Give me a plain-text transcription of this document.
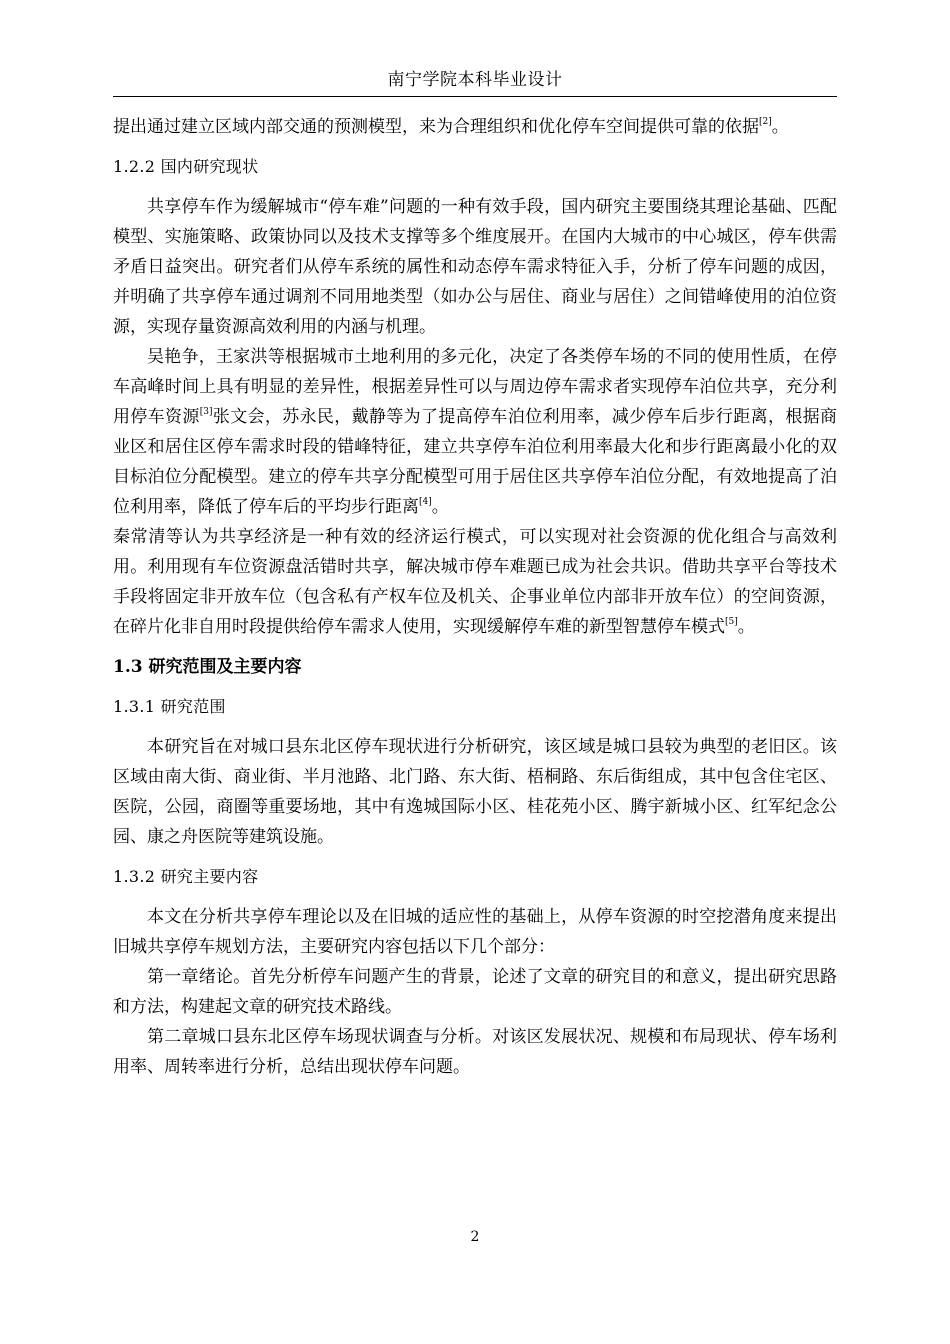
南宁学院本科毕业设计

提出通过建立区域内部交通的预测模型，来为合理组织和优化停车空间提供可靠的依据[2]。

1.2.2 国内研究现状

共享停车作为缓解城市“停车难”问题的一种有效手段，国内研究主要围绕其理论基础、匹配模型、实施策略、政策协同以及技术支撑等多个维度展开。在国内大城市的中心城区，停车供需矛盾日益突出。研究者们从停车系统的属性和动态停车需求特征入手，分析了停车问题的成因，并明确了共享停车通过调剂不同用地类型（如办公与居住、商业与居住）之间错峰使用的泊位资源，实现存量资源高效利用的内涵与机理。

吴艳争，王家洪等根据城市土地利用的多元化，决定了各类停车场的不同的使用性质，在停车高峰时间上具有明显的差异性，根据差异性可以与周边停车需求者实现停车泊位共享，充分利用停车资源[3]张文会，苏永民，戴静等为了提高停车泊位利用率，减少停车后步行距离，根据商业区和居住区停车需求时段的错峰特征，建立共享停车泊位利用率最大化和步行距离最小化的双目标泊位分配模型。建立的停车共享分配模型可用于居住区共享停车泊位分配，有效地提高了泊位利用率，降低了停车后的平均步行距离[4]。

秦常清等认为共享经济是一种有效的经济运行模式，可以实现对社会资源的优化组合与高效利用。利用现有车位资源盘活错时共享，解决城市停车难题已成为社会共识。借助共享平台等技术手段将固定非开放车位（包含私有产权车位及机关、企事业单位内部非开放车位）的空间资源，在碎片化非自用时段提供给停车需求人使用，实现缓解停车难的新型智慧停车模式[5]。

1.3 研究范围及主要内容
1.3.1 研究范围

本研究旨在对城口县东北区停车现状进行分析研究，该区域是城口县较为典型的老旧区。该区域由南大街、商业街、半月池路、北门路、东大街、梧桐路、东后街组成，其中包含住宅区、医院，公园，商圈等重要场地，其中有逸城国际小区、桂花苑小区、腾宇新城小区、红军纪念公园、康之舟医院等建筑设施。

1.3.2 研究主要内容

本文在分析共享停车理论以及在旧城的适应性的基础上，从停车资源的时空挖潜角度来提出旧城共享停车规划方法，主要研究内容包括以下几个部分：

第一章绪论。首先分析停车问题产生的背景，论述了文章的研究目的和意义，提出研究思路和方法，构建起文章的研究技术路线。

第二章城口县东北区停车场现状调查与分析。对该区发展状况、规模和布局现状、停车场利用率、周转率进行分析，总结出现状停车问题。

2
